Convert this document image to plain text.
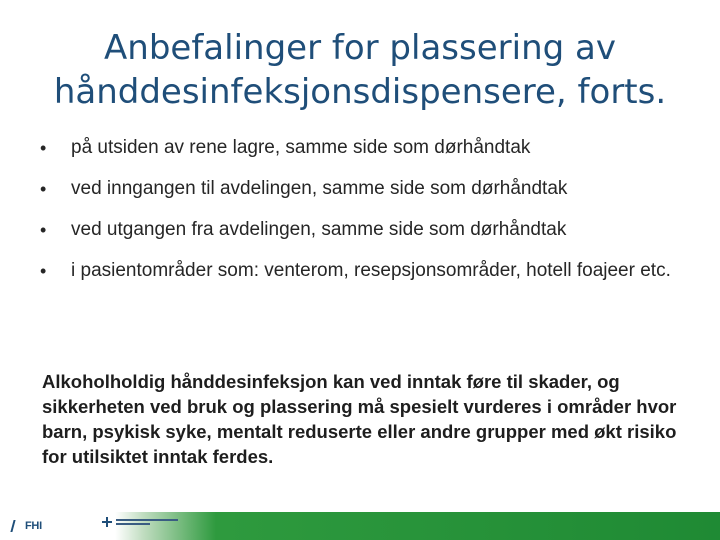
Anbefalinger for plassering av hånddesinfeksjonsdispensere, forts.
• på utsiden av rene lagre, samme side som dørhåndtak
• ved inngangen til avdelingen, samme side som dørhåndtak
• ved utgangen fra avdelingen, samme side som dørhåndtak
• i pasientområder som: venterom, resepsjonsområder, hotell foajeer etc.
Alkoholholdig hånddesinfeksjon kan ved inntak føre til skader, og sikkerheten ved bruk og plassering må spesielt vurderes i områder hvor barn, psykisk syke, mentalt reduserte eller andre grupper med økt risiko for utilsiktet inntak ferdes.
FHI
